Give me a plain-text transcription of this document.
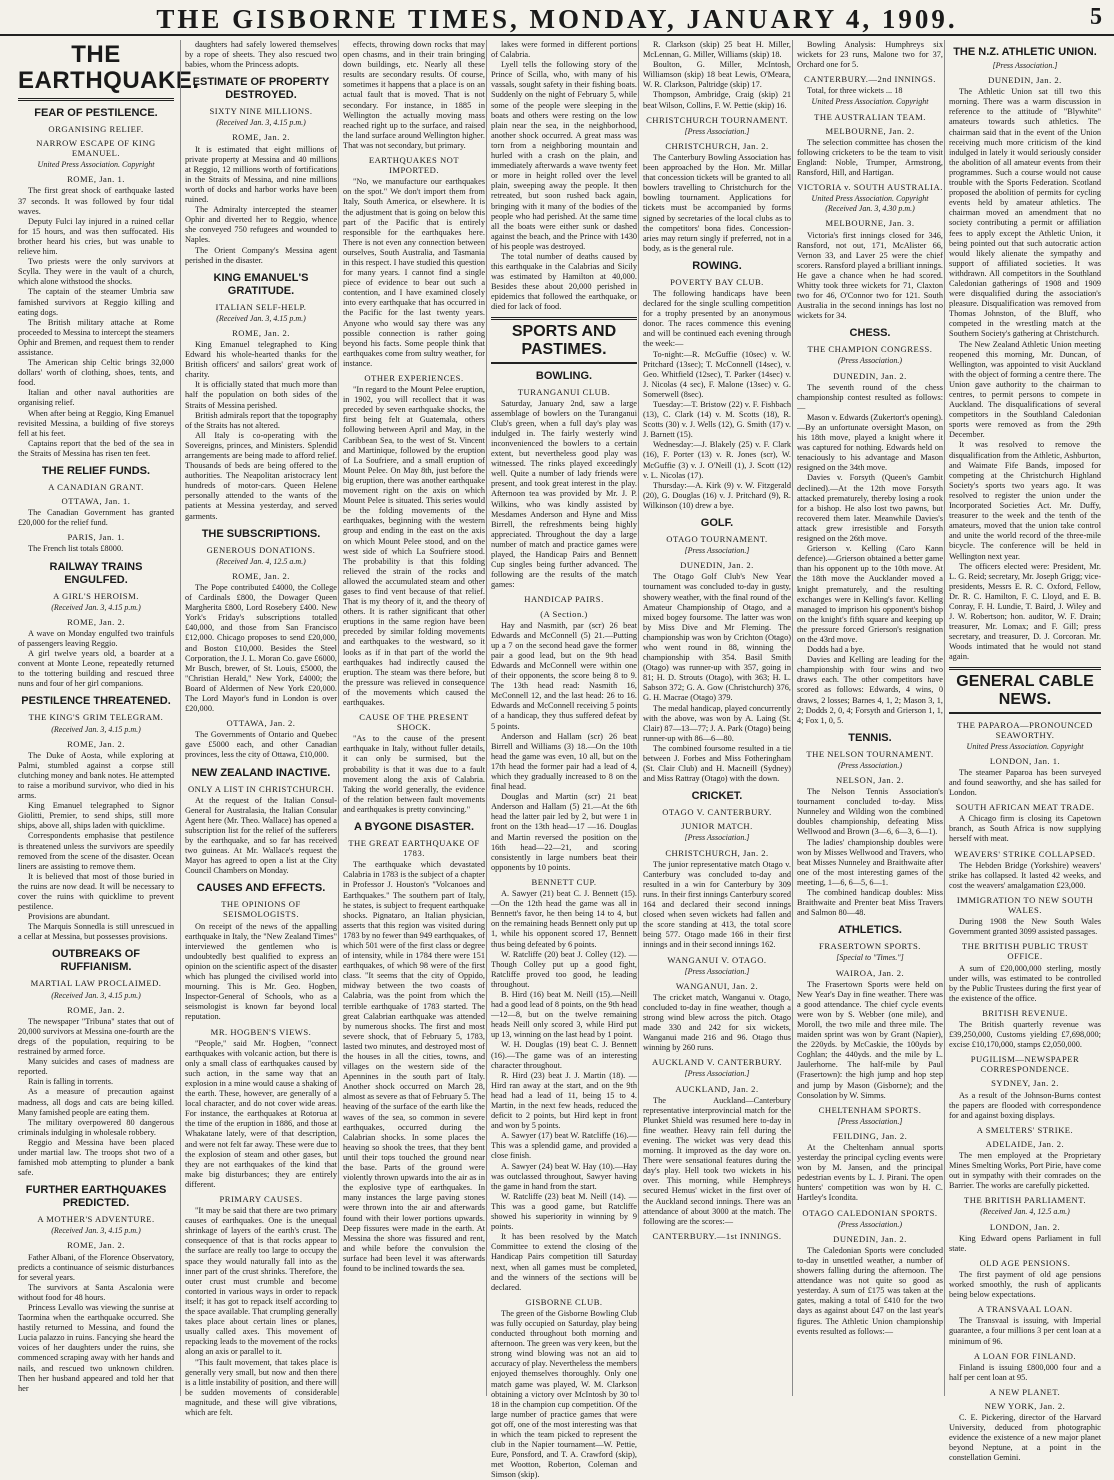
THE GISBORNE TIMES, MONDAY, JANUARY 4, 1909.	5
THE EARTHQUAKE.
FEAR OF PESTILENCE.
ORGANISING RELIEF.
NARROW ESCAPE OF KING EMANUEL.
United Press Association. Copyright
ROME, Jan. 1.

The first great shock of earthquake lasted 37 seconds. It was followed by four tidal waves.

Deputy Fulci lay injured in a ruined cellar for 15 hours, and was then suffocated. His brother heard his cries, but was unable to relieve him.

Two priests were the only survivors at Scylla. They were in the vault of a church, which alone withstood the shocks.

The captain of the steamer Umbria saw famished survivors at Reggio killing and eating dogs.

The British military attache at Rome proceeded to Messina to intercept the steamers Ophir and Bremen, and request them to render assistance.

The American ship Celtic brings 32,000 dollars' worth of clothing, shoes, tents, and food.

Italian and other naval authorities are organising relief.

When after being at Reggio, King Emanuel revisited Messina, a building of five storeys fell at his feet.

Captains report that the bed of the sea in the Straits of Messina has risen ten feet.

THE RELIEF FUNDS.
A CANADIAN GRANT.
OTTAWA, Jan. 1.

The Canadian Government has granted £20,000 for the relief fund.

PARIS, Jan. 1.

The French list totals £8000.

RAILWAY TRAINS ENGULFED.
A GIRL'S HEROISM.
(Received Jan. 3, 4.15 p.m.)
ROME, Jan. 2.

A wave on Monday engulfed two trainfuls of passengers leaving Reggio.

A girl twelve years old, a boarder at a convent at Monte Leone, repeatedly returned to the tottering building and rescued three nuns and four of her girl companions.

PESTILENCE THREATENED.
THE KING'S GRIM TELEGRAM.
(Received Jan. 3, 4.15 p.m.)
ROME, Jan. 2.

The Duke of Aosta, while exploring at Palmi, stumbled against a corpse still clutching money and bank notes. He attempted to raise a moribund survivor, who died in his arms.

King Emanuel telegraphed to Signor Giolitti, Premier, to send ships, still more ships, above all, ships laden with quicklime.

Correspondents emphasise that pestilence is threatened unless the survivors are speedily removed from the scene of the disaster. Ocean liners are assisting to remove them.

It is believed that most of those buried in the ruins are now dead. It will be necessary to cover the ruins with quicklime to prevent pestilence.

Provisions are abundant.

The Marquis Sonnedla is still unrescued in a cellar at Messina, but possesses provisions.

OUTBREAKS OF RUFFIANISM.
MARTIAL LAW PROCLAIMED.
(Received Jan. 3, 4.15 p.m.)
ROME, Jan. 2.

The newspaper "Tribuna" states that out of 20,000 survivors at Messina one-fourth are the dregs of the population, requiring to be restrained by armed force.

Many suicides and cases of madness are reported.

Rain is falling in torrents.

As a measure of precaution against madness, all dogs and cats are being killed. Many famished people are eating them.

The military overpowered 80 dangerous criminals indulging in wholesale robbery.

Reggio and Messina have been placed under martial law. The troops shot two of a famished mob attempting to plunder a bank safe.

FURTHER EARTHQUAKES PREDICTED.
A MOTHER'S ADVENTURE.
(Received Jan. 3, 4.15 p.m.)
ROME, Jan. 2.

Father Albani, of the Florence Observatory, predicts a continuance of seismic disturbances for several years.

The survivors at Santa Ascalonia were without food for 48 hours.

Princess Levallo was viewing the sunrise at Taormina when the earthquake occurred. She hastily returned to Messina, and found the Lucia palazzo in ruins. Fancying she heard the voices of her daughters under the ruins, she commenced scraping away with her hands and nails, and rescued two unknown children. Then her husband appeared and told her that her

daughters had safely lowered themselves by a rope of sheets. They also rescued two babies, whom the Princess adopts.

ESTIMATE OF PROPERTY DESTROYED.
SIXTY NINE MILLIONS.
(Received Jan. 3, 4.15 p.m.)
ROME, Jan. 2.

It is estimated that eight millions of private property at Messina and 40 millions at Reggio, 12 millions worth of fortifications in the Straits of Messina, and nine millions worth of docks and harbor works have been ruined.

The Admiralty intercepted the steamer Ophir and diverted her to Reggio, whence she conveyed 750 refugees and wounded to Naples.

The Orient Company's Messina agent perished in the disaster.

KING EMANUEL'S GRATITUDE.
ITALIAN SELF-HELP.
(Received Jan. 3, 4.15 p.m.)
ROME, Jan. 2.

King Emanuel telegraphed to King Edward his whole-hearted thanks for the British officers' and sailors' great work of charity.

It is officially stated that much more than half the population on both sides of the Straits of Messina perished.

British admirals report that the topography of the Straits has not altered.

All Italy is co-operating with the Sovereigns, princes, and Ministers. Splendid arrangements are being made to afford relief. Thousands of beds are being offered to the authorities. The Neapolitan aristocracy lent hundreds of motor-cars. Queen Helene personally attended to the wants of the patients at Messina yesterday, and served garments.

THE SUBSCRIPTIONS.
GENEROUS DONATIONS.
(Received Jan. 4, 12.5 a.m.)
ROME, Jan. 2.

The Pope contributed £4000, the College of Cardinals £800, the Dowager Queen Margherita £800, Lord Rosebery £400. New York's Friday's subscriptions totalled £40,000, and those from San Francisco £12,000. Chicago proposes to send £20,000, and Boston £10,000. Besides the Steel Corporation, the J. L. Moran Co. gave £6000, Mr Busch, brewer, of St. Louis, £5000, the "Christian Herald," New York, £4000; the Board of Aldermen of New York £20,000. The Lord Mayor's fund in London is over £20,000.

OTTAWA, Jan. 2.

The Governments of Ontario and Quebec gave £5000 each, and other Canadian provinces, less the city of Ottawa, £10,000.

NEW ZEALAND INACTIVE.
ONLY A LIST IN CHRISTCHURCH.

At the request of the Italian Consul-General for Australasia, the Italian Consular Agent here (Mr. Theo. Wallace) has opened a subscription list for the relief of the sufferers by the earthquake, and so far has received two guineas. At Mr. Wallace's request the Mayor has agreed to open a list at the City Council Chambers on Monday.

CAUSES AND EFFECTS.
THE OPINIONS OF SEISMOLOGISTS.

On receipt of the news of the appalling earthquake in Italy, the "New Zealand Times" interviewed the gentlemen who is undoubtedly best qualified to express an opinion on the scientific aspect of the disaster which has plunged the civilised world into mourning. This is Mr. Geo. Hogben, Inspector-General of Schools, who as a seismologist is known far beyond local reputation.

MR. HOGBEN'S VIEWS.

"People," said Mr. Hogben, "connect earthquakes with volcanic action, but there is only a small class of earthquakes caused by such action, in the same way that an explosion in a mine would cause a shaking of the earth. These, however, are generally of a local character, and do not cover wide areas. For instance, the earthquakes at Rotorua at the time of the eruption in 1886, and those at Whakatane lately, were of that description, and were not felt far away. These were due to the explosion of steam and other gases, but they are not earthquakes of the kind that make big disturbances; they are entirely different.

PRIMARY CAUSES.

"It may be said that there are two primary causes of earthquakes. One is the unequal shrinkage of layers of the earth's crust. The consequence of that is that rocks appear to the surface are really too large to occupy the space they would naturally fall into as the inner part of the crust shrinks. Therefore, the outer crust must crumble and become contorted in various ways in order to repack itself; it has got to repack itself according to the space available. That crumpling generally takes place about certain lines or planes, usually called axes. This movement of repacking leads to the movement of the rocks along an axis or parallel to it.

"This fault movement, that takes place is generally very small, but now and then there is a little instability of position, and there will be sudden movements of considerable magnitude, and these will give vibrations, which are felt.

effects, throwing down rocks that may open chasms, and in their train bringing down buildings, etc. Nearly all these results are secondary results. Of course, sometimes it happens that a place is on an actual fault that is moved. That is not secondary. For instance, in 1885 in Wellington the actually moving mass reached right up to the surface, and raised the land surface around Wellington higher. That was not secondary, but primary.

EARTHQUAKES NOT IMPORTED.

"No, we manufacture our earthquakes on the spot." We don't import them from Italy, South America, or elsewhere. It is the adjustment that is going on below this part of the Pacific that is entirely responsible for the earthquakes here. There is not even any connection between ourselves, South Australia, and Tasmania in this respect. I have studied this question for many years. I cannot find a single piece of evidence to bear out such a contention, and I have examined closely into every earthquake that has occurred in the Pacific for the last twenty years. Anyone who would say there was any possible connection is rather going beyond his facts. Some people think that earthquakes come from sultry weather, for instance.

OTHER EXPERIENCES.

"In regard to the Mount Pelee eruption, in 1902, you will recollect that it was preceded by seven earthquake shocks, the first being felt at Guatemala, others following between April and May, in the Caribbean Sea, to the west of St. Vincent and Martinique, followed by the eruption of La Soufriere, and a small eruption of Mount Pelee. On May 8th, just before the big eruption, there was another earthquake movement right on the axis on which Mount Pelee is situated. This series would be the folding movements of the earthquakes, beginning with the western group and ending in the east on the axis on which Mount Pelee stood, and on the west side of which La Soufriere stood. The probability is that this folding relieved the strain of the rocks and allowed the accumulated steam and other gases to find vent because of that relief. That is my theory of it, and the theory of others. It is rather significant that other eruptions in the same region have been preceded by similar folding movements and earthquakes to the westward, so it looks as if in that part of the world the earthquakes had indirectly caused the eruption. The steam was there before, but the pressure was relieved in consequence of the movements which caused the earthquakes.

CAUSE OF THE PRESENT SHOCK.

"As to the cause of the present earthquake in Italy, without fuller details, it can only be surmised, but the probability is that it was due to a fault movement along the axis of Calabria. Taking the world generally, the evidence of the relation between fault movements and earthquakes is pretty convincing."

A BYGONE DISASTER.
THE GREAT EARTHQUAKE OF 1783.

The earthquake which devastated Calabria in 1783 is the subject of a chapter in Professor J. Houston's "Volcanoes and Earthquakes." The southern part of Italy, he states, is subject to frequent earthquake shocks. Pignataro, an Italian physician, asserts that this region was visited during 1783 by no fewer than 949 earthquakes, of which 501 were of the first class or degree of intensity, while in 1784 there were 151 earthquakes, of which 98 were of the first class. "It seems that the city of Oppido, midway between the two coasts of Calabria, was the point from which the terrible earthquake of 1783 started. The great Calabrian earthquake was attended by numerous shocks. The first and most severe shock, that of February 5, 1783, lasted two minutes, and destroyed most of the houses in all the cities, towns, and villages on the western side of the Apennines in the south part of Italy. Another shock occurred on March 28, almost as severe as that of February 5. The heaving of the surface of the earth like the waves of the sea, so common in severe earthquakes, occurred during the Calabrian shocks. In some places the heaving so shook the trees, that they bent until their tops touched the ground near the base. Parts of the ground were violently thrown upwards into the air as in the explosive type of earthquakes. In many instances the large paving stones were thrown into the air and afterwards found with their lower portions upwards. Deep fissures were made in the earth. At Messina the shore was fissured and rent, and while before the convulsion the surface had been level it was afterwards found to be inclined towards the sea.

lakes were formed in different portions of Calabria.

Lyell tells the following story of the Prince of Scilla, who, with many of his vassals, sought safety in their fishing boats. Suddenly on the night of February 5, while some of the people were sleeping in the boats and others were resting on the low plain near the sea, in the neighborhood, another shock occurred. A great mass was torn from a neighboring mountain and hurled with a crash on the plain, and immediately afterwards a wave twenty feet or more in height rolled over the level plain, sweeping away the people. It then retreated, but soon rushed back again, bringing with it many of the bodies of the people who had perished. At the same time all the boats were either sunk or dashed against the beach, and the Prince with 1430 of his people was destroyed.

The total number of deaths caused by this earthquake in the Calabrias and Sicily was estimated by Hamilton at 40,000. Besides these about 20,000 perished in epidemics that followed the earthquake, or died for lack of food.

SPORTS AND PASTIMES.
BOWLING.
TURANGANUI CLUB.

Saturday, January 2nd, saw a large assemblage of bowlers on the Turanganui Club's green, when a full day's play was indulged in. The fairly westerly wind inconvenienced the bowlers to a certain extent, but nevertheless good play was witnessed. The rinks played exceedingly well. Quite a number of lady friends were present, and took great interest in the play. Afternoon tea was provided by Mr. J. P. Wilkins, who was kindly assisted by Mesdames Anderson and Hyne and Miss Birrell, the refreshments being highly appreciated. Throughout the day a large number of match and practice games were played, the Handicap Pairs and Bennett Cup singles being further advanced. The following are the results of the match games:

HANDICAP PAIRS.
(A Section.)

Hay and Nasmith, par (scr) 26 beat Edwards and McConnell (5) 21.—Putting up a 7 on the second head gave the former pair a good lead, but on the 9th head Edwards and McConnell were within one of their opponents, the score being 8 to 9. The 13th head read: Nasmith 16, McConnell 12, and the last head: 26 to 16. Edwards and McConnell receiving 5 points of a handicap, they thus suffered defeat by 5 points.

Anderson and Hallam (scr) 26 beat Birrell and Williams (3) 18.—On the 10th head the game was even, 10 all, but on the 17th head the former pair had a lead of 4, which they gradually increased to 8 on the final head.

Douglas and Martin (scr) 21 beat Anderson and Hallam (5) 21.—At the 6th head the latter pair led by 2, but were 1 in front on the 13th head—17 —16. Douglas and Martin reversed the position on the 16th head—22—21, and scoring consistently in large numbers beat their opponents by 10 points.

BENNETT CUP.

A. Sawyer (21) beat C. J. Bennett (15).—On the 12th head the game was all in Bennett's favor, he then being 14 to 4, but on the remaining heads Bennett only put up 1, while his opponent scored 17, Bennett thus being defeated by 6 points.

W. Ratcliffe (20) beat J. Colley (12). —Though Colley put up a good fight, Ratcliffe proved too good, he leading throughout.

B. Hird (16) beat M. Neill (15).—Neill had a good lead of 8 points, on the 9th head—12—8, but on the twelve remaining heads Neill only scored 3, while Hird put up 13, winning on the last head by 1 point.

W. H. Douglas (19) beat C. J. Bennett (16).—The game was of an interesting character throughout.

R. Hird (23) beat J. J. Martin (18). —Hird ran away at the start, and on the 9th head had a lead of 11, being 15 to 4. Martin, in the next few heads, reduced the deficit to 2 points, but Hird kept in front and won by 5 points.

A. Sawyer (17) beat W. Ratcliffe (16).—This was a splendid game, and provided a close finish.

A. Sawyer (24) beat W. Hay (10).—Hay was outclassed throughout, Sawyer having the game in hand from the start.

W. Ratcliffe (23) beat M. Neill (14). —This was a good game, but Ratcliffe showed his superiority in winning by 9 points.

It has been resolved by the Match Committee to extend the closing of the Handicap Pairs competition till Saturday next, when all games must be completed, and the winners of the sections will be declared.

GISBORNE CLUB.

The green of the Gisborne Bowling Club was fully occupied on Saturday, play being conducted throughout both morning and afternoon. The green was very keen, but the strong wind blowing was not an aid to accuracy of play. Nevertheless the members enjoyed themselves thoroughly. Only one match game was played, W. M. Clarkson obtaining a victory over McIntosh by 30 to 18 in the champion cup competition. Of the large number of practice games that were got off, one of the most interesting was that in which the team picked to represent the club in the Napier tournament—W. Pettie, Eure, Ponsford, and T. A. Crawford (skip), met Wootton, Roberton, Coleman and Simson (skip).

R. Clarkson (skip) 25 beat H. Miller, McLennan, G. Miller, Williams (skip) 18.

Boulton, G. Miller, McIntosh, Williamson (skip) 18 beat Lewis, O'Meara, W. R. Clarkson, Paltridge (skip) 17.

Thompson, Ambridge, Craig (skip) 21 beat Wilson, Collins, F. W. Pettie (skip) 16.

CHRISTCHURCH TOURNAMENT.
[Press Association.]
CHRISTCHURCH, Jan. 2.

The Canterbury Bowling Association has been approached by the Hon. Mr. Millar that concession tickets will be granted to all bowlers travelling to Christchurch for the bowling tournament. Applications for tickets must be accompanied by forms signed by secretaries of the local clubs as to the competitors' bona fides. Concession-aries may return singly if preferred, not in a body, as is the general rule.

ROWING.
POVERTY BAY CLUB.

The following handicaps have been declared for the single sculling competition for a trophy presented by an anonymous donor. The races commence this evening and will be continued each evening through the week:—

To-night:—R. McGuffie (10sec) v. W. Pritchard (13sec); T. McConnell (14sec), v. Geo. Whitfield (12sec), T. Parker (14sec) v. J. Nicolas (4 sec), F. Malone (13sec) v. G. Somerwell (8sec).

Tuesday:—T. Bristow (22) v. F. Fishbach (13), C. Clark (14) v. M. Scotts (18), R. Scotts (30) v. J. Wells (12), G. Smith (17) v. J. Barnett (15).

Wednesday:—J. Blakely (25) v. F. Clark (16), F. Porter (13) v. R. Jones (scr), W. McGuffie (3) v. J. O'Neill (1), J. Scott (12) v. L. Nicolas (17).

Thursday:—A. Kirk (9) v. W. Fitzgerald (20), G. Douglas (16) v. J. Pritchard (9), R. Wilkinson (10) drew a bye.

GOLF.
OTAGO TOURNAMENT.
[Press Association.]
DUNEDIN, Jan. 2.

The Otago Golf Club's New Year tournament was concluded to-day in gusty, showery weather, with the final round of the Amateur Championship of Otago, and a mixed bogey foursome. The latter was won by Miss Dive and Mr Fleming. The championship was won by Crichton (Otago) who went round in 88, winning the championship with 354. Basil Smith (Otago) was runner-up with 357, going in 81; H. D. Strouts (Otago), with 363; H. L. Sabson 372; G. A. Gow (Christchurch) 376, G. H. Macrae (Otago) 379.

The medal handicap, played concurrently with the above, was won by A. Laing (St. Clair) 87—13—77; J. A. Park (Otago) being runner-up with 86—6—80.

The combined foursome resulted in a tie between J. Forbes and Miss Fotheringham (St. Clair Club) and H. Macneill (Sydney) and Miss Rattray (Otago) with the down.

CRICKET.
OTAGO V. CANTERBURY.
JUNIOR MATCH.
[Press Association.]
CHRISTCHURCH, Jan. 2.

The junior representative match Otago v. Canterbury was concluded to-day and resulted in a win for Canterbury by 309 runs. In their first innings Canterbury scored 164 and declared their second innings closed when seven wickets had fallen and the score standing at 413, the total score being 577. Otago made 166 in their first innings and in their second innings 162.

WANGANUI V. OTAGO.
[Press Association.]
WANGANUI, Jan. 2.

The cricket match, Wanganui v. Otago, concluded to-day in fine weather, though a strong wind blew across the pitch. Otago made 330 and 242 for six wickets, Wanganui made 216 and 96. Otago thus winning by 260 runs.

AUCKLAND V. CANTERBURY.
[Press Association.]
AUCKLAND, Jan. 2.

The Auckland—Canterbury representative interprovincial match for the Plunket Shield was resumed here to-day in fine weather. Heavy rain fell during the evening. The wicket was very dead this morning. It improved as the day wore on. There were sensational features during the day's play. Hell took two wickets in his over. This morning, while Hemphreys secured Hemus' wicket in the first over of the Auckland second innings. There was an attendance of about 3000 at the match. The following are the scores:—

CANTERBURY.—1st INNINGS.

Bowling Analysis: Humphreys six wickets for 23 runs, Malone two for 37, Orchard one for 5.

CANTERBURY.—2nd INNINGS.

Total, for three wickets ... 18

United Press Association. Copyright
THE AUSTRALIAN TEAM.
MELBOURNE, Jan. 2.

The selection committee has chosen the following cricketers to be the team to visit England: Noble, Trumper, Armstrong, Ransford, Hill, and Hartigan.

VICTORIA v. SOUTH AUSTRALIA.
United Press Association. Copyright (Received Jan. 3, 4.30 p.m.)
MELBOURNE, Jan. 3.

Victoria's first innings closed for 346, Ransford, not out, 171, McAlister 66, Vernon 33, and Laver 25 were the chief scorers. Ransford played a brilliant innings. He gave a chance when he had scored. Whitty took three wickets for 71, Claxton two for 46, O'Connor two for 121. South Australia in the second innings has lost no wickets for 34.

CHESS.
THE CHAMPION CONGRESS.
(Press Association.)
DUNEDIN, Jan. 2.

The seventh round of the chess championship contest resulted as follows:—

Mason v. Edwards (Zukertort's opening).—By an unfortunate oversight Mason, on his 18th move, played a knight where it was captured for nothing. Edwards held on tenaciously to his advantage and Mason resigned on the 34th move.

Davies v. Forsyth (Queen's Gambit declined).—At the 12th move Forsyth attacked prematurely, thereby losing a rook for a bishop. He also lost two pawns, but recovered them later. Meanwhile Davies's attack grew irresistible and Forsyth resigned on the 26th move.

Grierson v. Kelling (Caro Kann defence).—Grierson obtained a better game than his opponent up to the 10th move. At the 18th move the Aucklander moved a knight prematurely, and the resulting exchanges were in Kelling's favor. Kelling managed to imprison his opponent's bishop on the knight's fifth square and keeping up the pressure forced Grierson's resignation on the 43rd move.

Dodds had a bye.

Davies and Kelling are leading for the championship with four wins and two draws each. The other competitors have scored as follows: Edwards, 4 wins, 0 draws, 2 losses; Barnes 4, 1, 2; Mason 3, 1, 2; Dodds 2, 0, 4; Forsyth and Grierson 1, 1, 4; Fox 1, 0, 5.

TENNIS.
THE NELSON TOURNAMENT.
(Press Association.)
NELSON, Jan. 2.

The Nelson Tennis Association's tournament concluded to-day. Miss Nunneley and Wilding won the combined doubles championship, defeating Miss Wellwood and Brown (3—6, 6—3, 6—1).

The ladies' championship doubles were won by Misses Wellwood and Travers, who beat Misses Nunneley and Braithwaite after one of the most interesting games of the meeting, 1—6, 6—5, 6—1.

The combined handicap doubles: Miss Braithwaite and Prenter beat Miss Travers and Salmon 80—48.

ATHLETICS.
FRASERTOWN SPORTS.
[Special to "Times."]
WAIROA, Jan. 2.

The Frasertown Sports were held on New Year's Day in fine weather. There was a good attendance. The chief cycle events were won by S. Webber (one mile), and Moroll, the two mile and three mile. The maiden sprint was won by Grant (Napier), the 220yds. by McCaskie, the 100yds by Coghlan; the 440yds. and the mile by L. Jaulerhorne. The half-mile by Paul (Frasertown): the high jump and hop step and jump by Mason (Gisborne); and the Consolation by W. Simms.

CHELTENHAM SPORTS.
[Press Association.]
FEILDING, Jan. 2.

At the Cheltenham annual sports yesterday the principal cycling events were won by M. Jansen, and the principal pedestrian events by L. J. Pirani. The open hunters' competition was won by H. C. Hartley's Icondita.

OTAGO CALEDONIAN SPORTS.
(Press Association.)
DUNEDIN, Jan. 2.

The Caledonian Sports were concluded to-day in unsettled weather, a number of showers falling during the afternoon. The attendance was not quite so good as yesterday. A sum of £175 was taken at the gates, making a total of £410 for the two days as against about £47 on the last year's figures. The Athletic Union championship events resulted as follows:—

THE N.Z. ATHLETIC UNION.
[Press Association.]
DUNEDIN, Jan. 2.

The Athletic Union sat till two this morning. There was a warm discussion in reference to the attitude of "Blywhite" amateurs towards such athletics. The chairman said that in the event of the Union receiving much more criticism of the kind indulged in lately it would seriously consider the abolition of all amateur events from their programmes. Such a course would not cause trouble with the Sports Federation. Scotland proposed the abolition of permits for cycling events held by amateur athletics. The chairman moved an amendment that no society contributing a permit or affiliation fees to apply except the Athletic Union, it being pointed out that such autocratic action would likely alienate the sympathy and support of affiliated societies. It was withdrawn. All competitors in the Southland Caledonian gatherings of 1908 and 1909 were disqualified during the association's pleasure. Disqualification was removed from Thomas Johnston, of the Bluff, who competed in the wrestling match at the Southern Society's gathering at Christchurch.

The New Zealand Athletic Union meeting reopened this morning, Mr. Duncan, of Wellington, was appointed to visit Auckland with the object of forming a centre there. The Union gave authority to the chairman to centres, to permit persons to compete in Auckland. The disqualifications of several competitors in the Southland Caledonian sports were removed as from the 29th December.

It was resolved to remove the disqualification from the Athletic, Ashburton, and Waimate Fife Bands, imposed for competing at the Christchurch Highland Society's sports two years ago. It was resolved to register the union under the Incorporated Societies Act. Mr. Duffy, treasurer to the week and the tenth of the amateurs, moved that the union take control and unite the world record of the three-mile bicycle. The conference will be held in Wellington next year.

The officers elected were: President, Mr. L. G. Reid; secretary, Mr. Joseph Grigg; vice-presidents, Messrs E. R. C. Oxford, Fellow, Dr. R. C. Hamilton, F. C. Lloyd, and E. B. Conray, F. H. Lundie, T. Baird, J. Wiley and J. W. Robertson; hon. auditor, W. F. Drain; treasurer, Mr. Lomax; and F. Gill; press secretary, and treasurer, D. J. Corcoran. Mr. Woods intimated that he would not stand again.

GENERAL CABLE NEWS.
THE PAPAROA—PRONOUNCED SEAWORTHY.
United Press Association. Copyright
LONDON, Jan. 1.

The steamer Paparoa has been surveyed and found seaworthy, and she has sailed for London.

SOUTH AFRICAN MEAT TRADE.

A Chicago firm is closing its Capetown branch, as South Africa is now supplying herself with meat.

WEAVERS' STRIKE COLLAPSED.

The Hebden Bridge (Yorkshire) weavers' strike has collapsed. It lasted 42 weeks, and cost the weavers' amalgamation £23,000.

IMMIGRATION TO NEW SOUTH WALES.

During 1908 the New South Wales Government granted 3099 assisted passages.

THE BRITISH PUBLIC TRUST OFFICE.

A sum of £20,000,000 sterling, mostly under wills, was estimated to be controlled by the Public Trustees during the first year of the existence of the office.

BRITISH REVENUE.

The British quarterly revenue was £39,250,000, Customs yielding £7,698,000; excise £10,170,000, stamps £2,050,000.

PUGILISM—NEWSPAPER CORRESPONDENCE.
SYDNEY, Jan. 2.

As a result of the Johnson-Burns contest the papers are flooded with correspondence for and against boxing displays.

A SMELTERS' STRIKE.
ADELAIDE, Jan. 2.

The men employed at the Proprietary Mines Smelting Works, Port Pirie, have come out in sympathy with their comrades on the Barrier. The works are carefully picketted.

THE BRITISH PARLIAMENT.
(Received Jan. 4, 12.5 a.m.)
LONDON, Jan. 2.

King Edward opens Parliament in full state.

OLD AGE PENSIONS.

The first payment of old age pensions worked smoothly, the rush of applicants being below expectations.

A TRANSVAAL LOAN.

The Transvaal is issuing, with Imperial guarantee, a four millions 3 per cent loan at a minimum of 96.

A LOAN FOR FINLAND.

Finland is issuing £800,000 four and a half per cent loan at 95.

A NEW PLANET.
NEW YORK, Jan. 2.

C. E. Pickering, director of the Harvard University, deduced from photographic evidence the existence of a new major planet beyond Neptune, at a point in the constellation Gemini.
